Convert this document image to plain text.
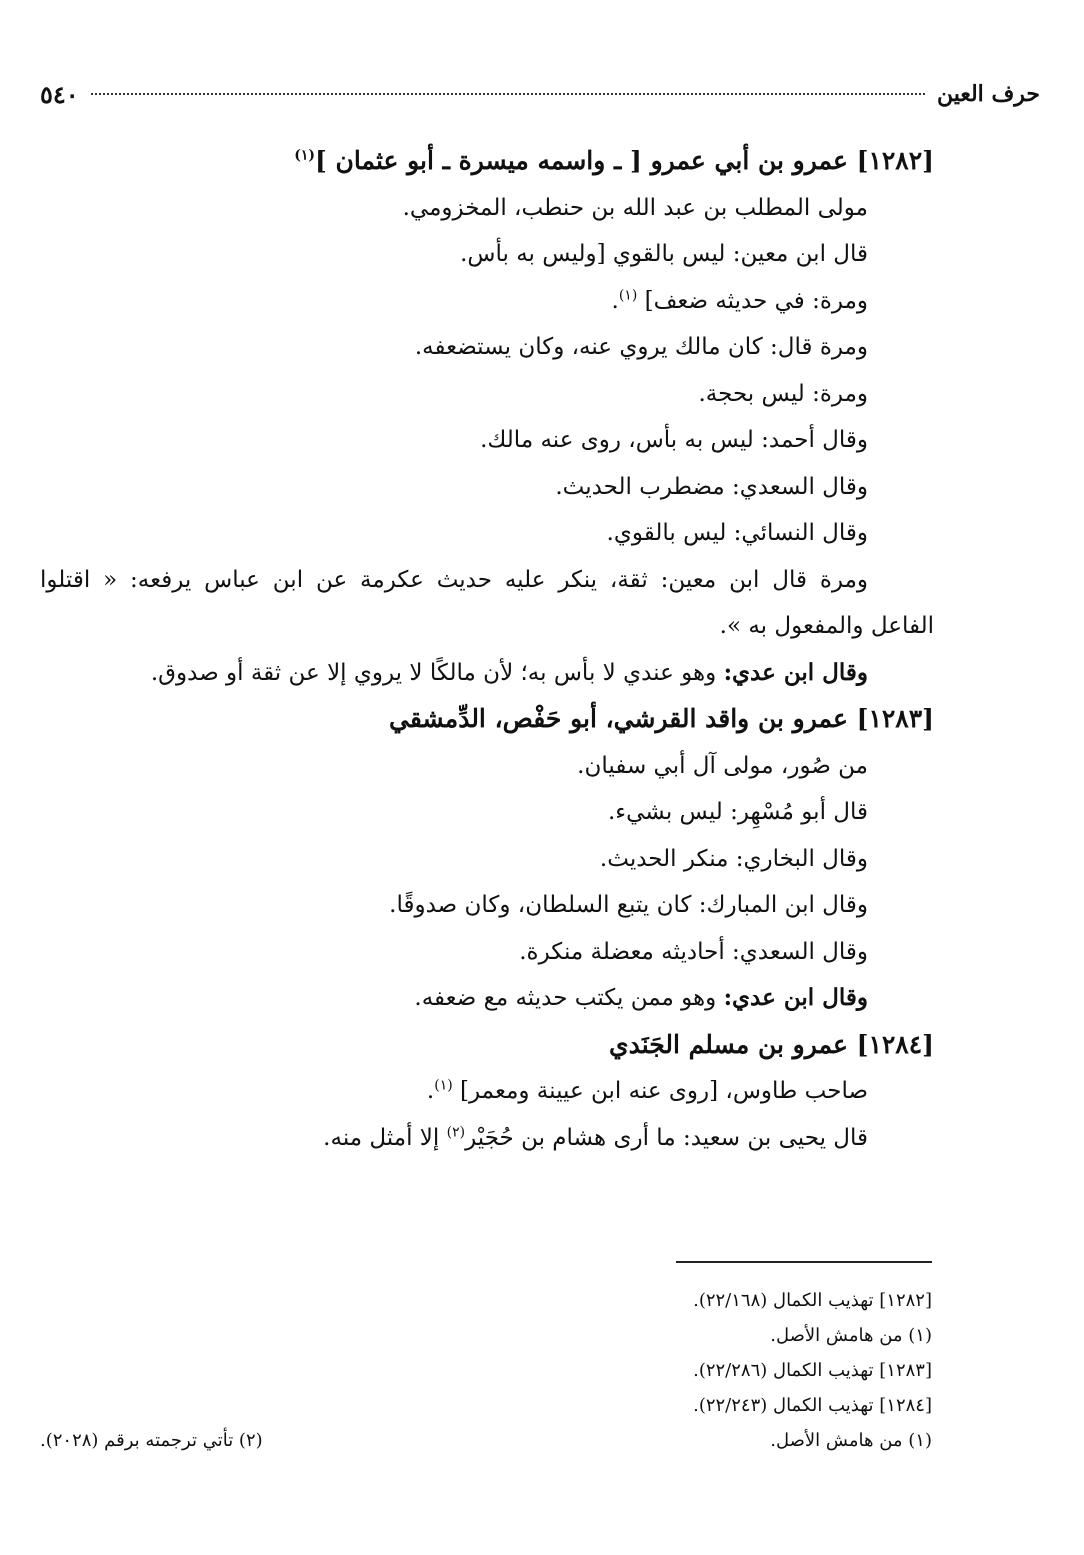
حرف العين
٥٤٠
[١٢٨٢] عمرو بن أبي عمرو [ ـ واسمه ميسرة ـ أبو عثمان ]$^{(١)}$
مولى المطلب بن عبد الله بن حنطب، المخزومي.
قال ابن معين: ليس بالقوي [وليس به بأس.
ومرة: في حديثه ضعف] $^{(١)}$.
ومرة قال: كان مالك يروي عنه، وكان يستضعفه.
ومرة: ليس بحجة.
وقال أحمد: ليس به بأس، روى عنه مالك.
وقال السعدي: مضطرب الحديث.
وقال النسائي: ليس بالقوي.
ومرة قال ابن معين: ثقة، ينكر عليه حديث عكرمة عن ابن عباس يرفعه: « اقتلوا
الفاعل والمفعول به ».
وقال ابن عدي: وهو عندي لا بأس به؛ لأن مالكًا لا يروي إلا عن ثقة أو صدوق.
[١٢٨٣] عمرو بن واقد القرشي، أبو حَفْص، الدِّمشقي
من صُور، مولى آل أبي سفيان.
قال أبو مُسْهِر: ليس بشيء.
وقال البخاري: منكر الحديث.
وقال ابن المبارك: كان يتبع السلطان، وكان صدوقًا.
وقال السعدي: أحاديثه معضلة منكرة.
وقال ابن عدي: وهو ممن يكتب حديثه مع ضعفه.
[١٢٨٤] عمرو بن مسلم الجَنَدي
صاحب طاوس، [روى عنه ابن عيينة ومعمر] $^{(١)}$.
قال يحيى بن سعيد: ما أرى هشام بن حُجَيْر$^{(٢)}$ إلا أمثل منه.
[١٢٨٢] تهذيب الكمال (٢٢/١٦٨).
(١) من هامش الأصل.
[١٢٨٣] تهذيب الكمال (٢٢/٢٨٦).
[١٢٨٤] تهذيب الكمال (٢٢/٢٤٣).
(١) من هامش الأصل.
(٢) تأتي ترجمته برقم (٢٠٢٨).
